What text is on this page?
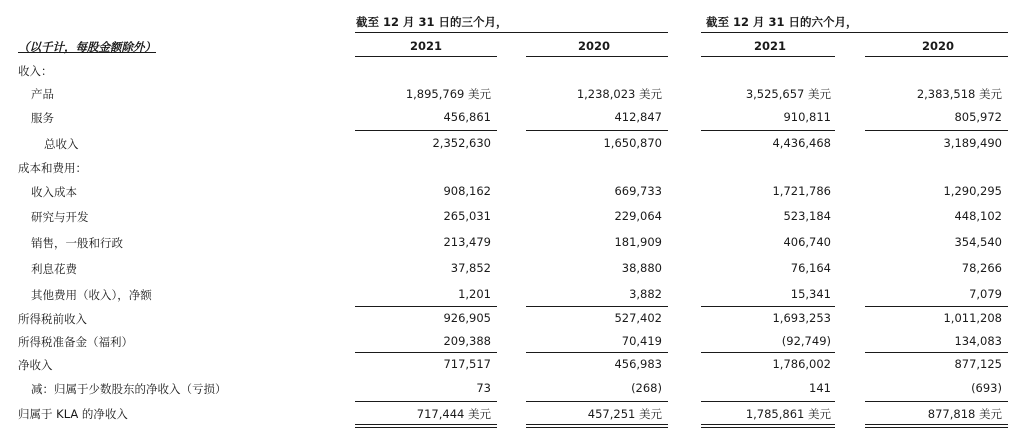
截至 12 月 31 日的三个月，	截至 12 月 31 日的六个月，
（以千计，每股金额除外）	2021	2020	2021	2020
收入：
产品	1,895,769 美元	1,238,023 美元	3,525,657 美元	2,383,518 美元
服务	456,861	412,847	910,811	805,972
总收入	2,352,630	1,650,870	4,436,468	3,189,490
成本和费用：
收入成本	908,162	669,733	1,721,786	1,290,295
研究与开发	265,031	229,064	523,184	448,102
销售，一般和行政	213,479	181,909	406,740	354,540
利息花费	37,852	38,880	76,164	78,266
其他费用（收入），净额	1,201	3,882	15,341	7,079
所得税前收入	926,905	527,402	1,693,253	1,011,208
所得税准备金（福利）	209,388	70,419	(92,749)	134,083
净收入	717,517	456,983	1,786,002	877,125
减：归属于少数股东的净收入（亏损）	73	(268)	141	(693)
归属于 KLA 的净收入	717,444 美元	457,251 美元	1,785,861 美元	877,818 美元
